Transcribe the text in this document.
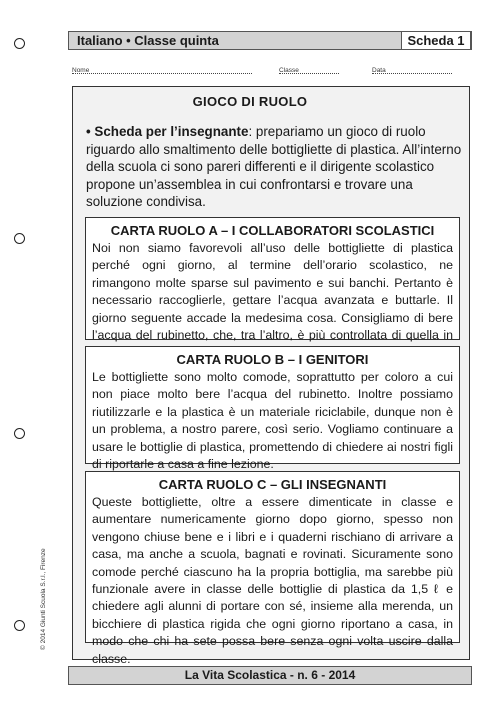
Italiano • Classe quinta	Scheda 1
Nome	Classe	Data
GIOCO DI RUOLO
• Scheda per l’insegnante: prepariamo un gioco di ruolo riguardo allo smaltimento delle bottigliette di plastica. All’interno della scuola ci sono pareri differenti e il dirigente scolastico propone un’assemblea in cui confrontarsi e trovare una soluzione condivisa.
CARTA RUOLO A – I COLLABORATORI SCOLASTICI

Noi non siamo favorevoli all’uso delle bottigliette di plastica perché ogni giorno, al termine dell’orario scolastico, ne rimangono molte sparse sul pavimento e sui banchi. Pertanto è necessario raccoglierle, gettare l’acqua avanzata e buttarle. Il giorno seguente accade la medesima cosa. Consigliamo di bere l’acqua del rubinetto, che, tra l’altro, è più controllata di quella in

CARTA RUOLO B – I GENITORI

Le bottigliette sono molto comode, soprattutto per coloro a cui non piace molto bere l’acqua del rubinetto. Inoltre possiamo riutilizzarle e la plastica è un materiale riciclabile, dunque non è un problema, a nostro parere, così serio. Vogliamo continuare a usare le bottiglie di plastica, promettendo di chiedere ai nostri figli di riportarle a casa a fine lezione.

CARTA RUOLO C – GLI INSEGNANTI

Queste bottigliette, oltre a essere dimenticate in classe e aumentare numericamente giorno dopo giorno, spesso non vengono chiuse bene e i libri e i quaderni rischiano di arrivare a casa, ma anche a scuola, bagnati e rovinati. Sicuramente sono comode perché ciascuno ha la propria bottiglia, ma sarebbe più funzionale avere in classe delle bottiglie di plastica da 1,5 ℓ e chiedere agli alunni di portare con sé, insieme alla merenda, un bicchiere di plastica rigida che ogni giorno riportano a casa, in modo che chi ha sete possa bere senza ogni volta uscire dalla classe.

© 2014 Giunti Scuola S.r.l., Firenze
La Vita Scolastica - n. 6 - 2014
